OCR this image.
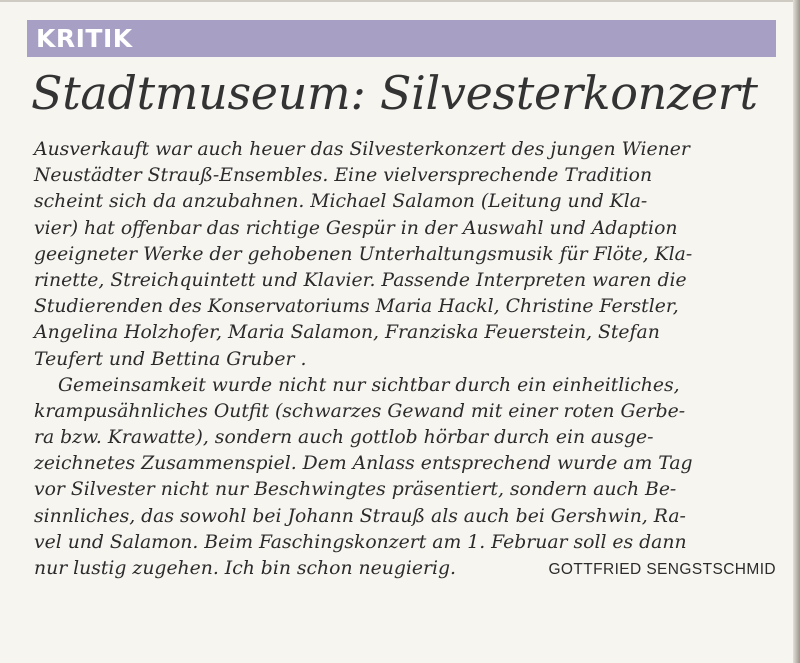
KRITIK
Stadtmuseum: Silvesterkonzert
Ausverkauft war auch heuer das Silvesterkonzert des jungen Wiener
Neustädter Strauß-Ensembles. Eine vielversprechende Tradition
scheint sich da anzubahnen. Michael Salamon (Leitung und Kla-
vier) hat offenbar das richtige Gespür in der Auswahl und Adaption
geeigneter Werke der gehobenen Unterhaltungsmusik für Flöte, Kla-
rinette, Streichquintett und Klavier. Passende Interpreten waren die
Studierenden des Konservatoriums Maria Hackl, Christine Ferstler,
Angelina Holzhofer, Maria Salamon, Franziska Feuerstein, Stefan
Teufert und Bettina Gruber .
Gemeinsamkeit wurde nicht nur sichtbar durch ein einheitliches,
krampusähnliches Outfit (schwarzes Gewand mit einer roten Gerbe-
ra bzw. Krawatte), sondern auch gottlob hörbar durch ein ausge-
zeichnetes Zusammenspiel. Dem Anlass entsprechend wurde am Tag
vor Silvester nicht nur Beschwingtes präsentiert, sondern auch Be-
sinnliches, das sowohl bei Johann Strauß als auch bei Gershwin, Ra-
vel und Salamon. Beim Faschingskonzert am 1. Februar soll es dann
nur lustig zugehen. Ich bin schon neugierig.	GOTTFRIED SENGSTSCHMID
